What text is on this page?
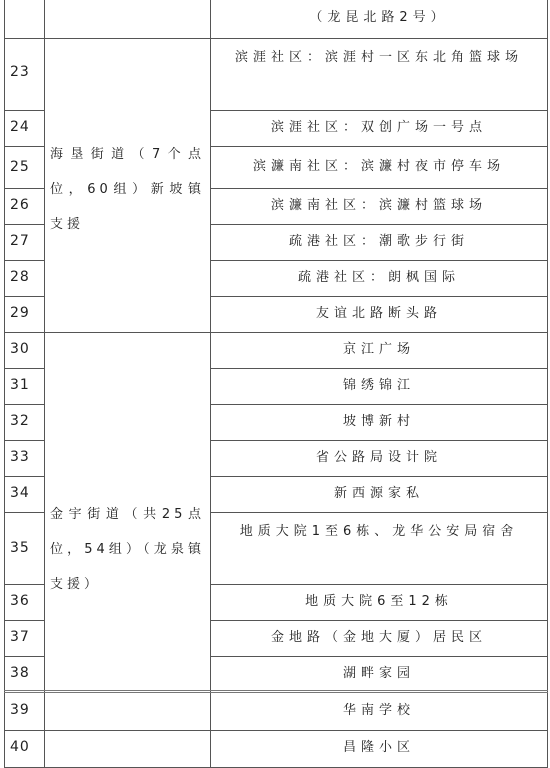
（龙昆北路2号）
海垦街道（7个点位，60组）新坡镇支援
金宇街道（共25点位，54组）（龙泉镇支援）
23
24
25
26
27
28
29
30
31
32
33
34
35
36
37
38
39
40
滨涯社区：滨涯村一区东北角篮球场
滨涯社区：双创广场一号点
滨濂南社区：滨濂村夜市停车场
滨濂南社区：滨濂村篮球场
疏港社区：潮歌步行街
疏港社区：朗枫国际
友谊北路断头路
京江广场
锦绣锦江
坡博新村
省公路局设计院
新西源家私
地质大院1至6栋、龙华公安局宿舍
地质大院6至12栋
金地路（金地大厦）居民区
湖畔家园
华南学校
昌隆小区
